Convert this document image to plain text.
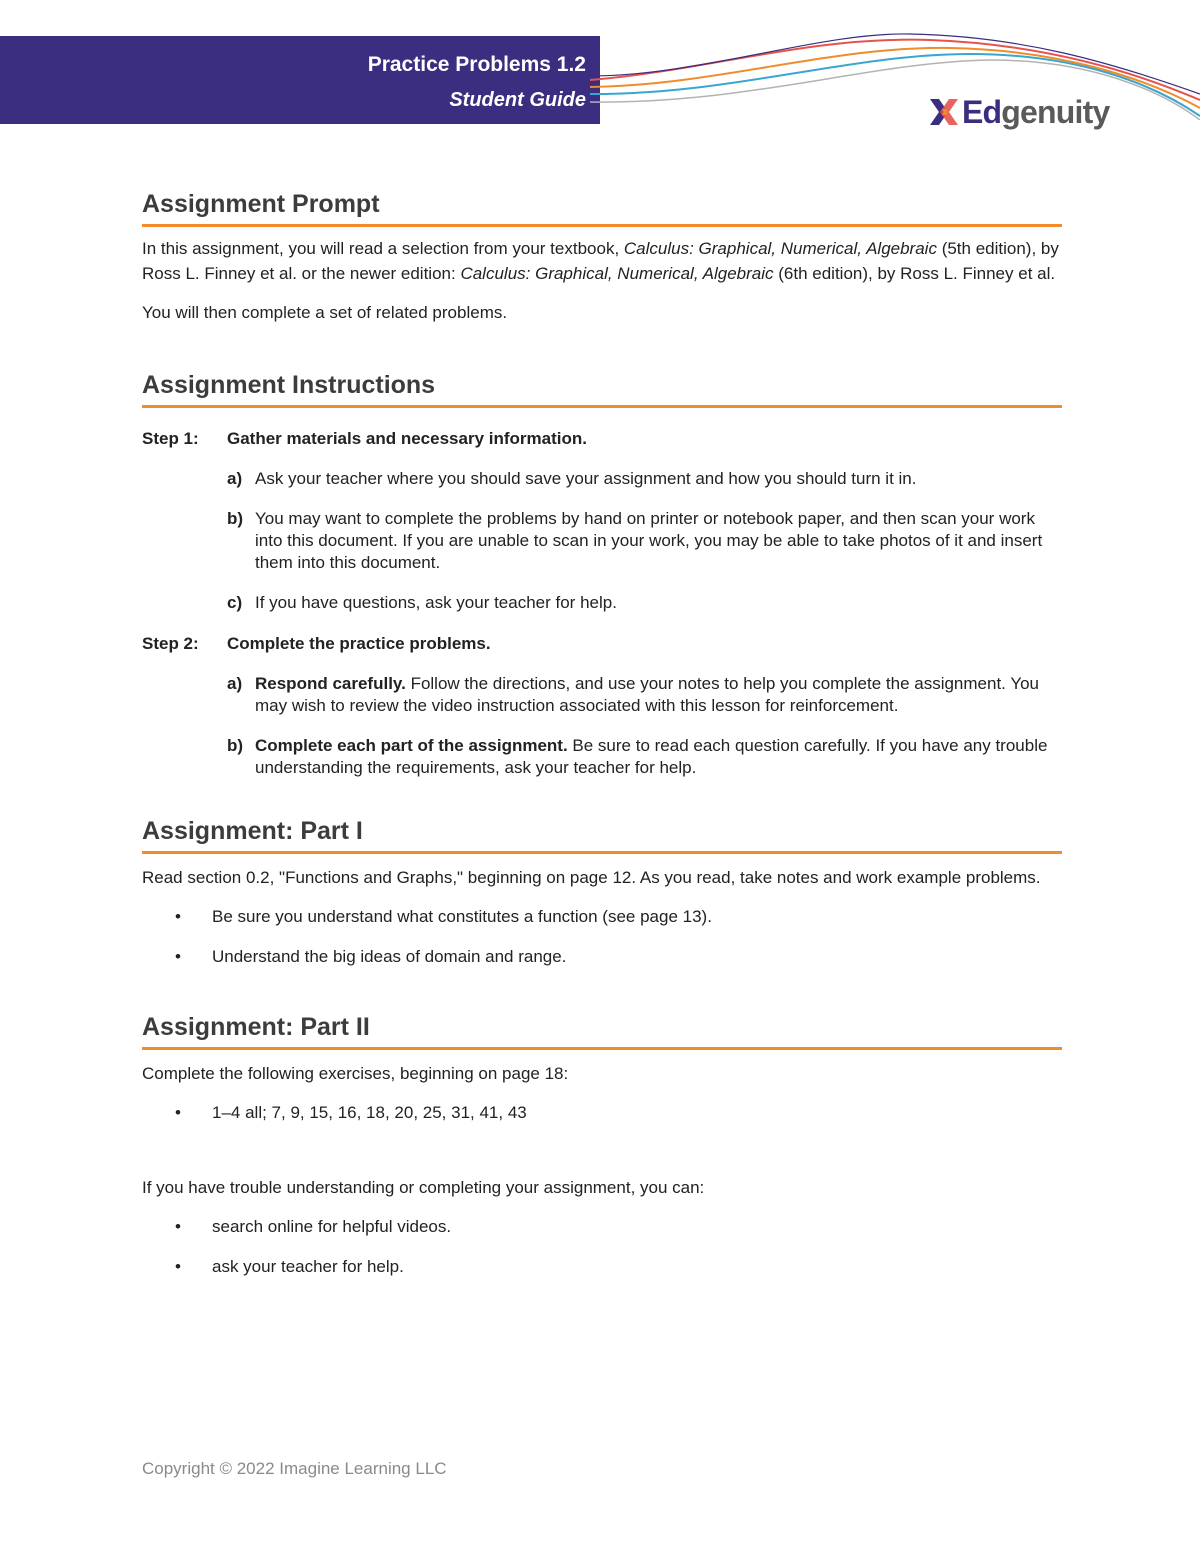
Practice Problems 1.2
Student Guide	Edgenuity
Assignment Prompt

In this assignment, you will read a selection from your textbook, Calculus: Graphical, Numerical, Algebraic (5th edition), by Ross L. Finney et al. or the newer edition: Calculus: Graphical, Numerical, Algebraic (6th edition), by Ross L. Finney et al.

You will then complete a set of related problems.

Assignment Instructions
Step 1:	Gather materials and necessary information.
a) Ask your teacher where you should save your assignment and how you should turn it in.
b) You may want to complete the problems by hand on printer or notebook paper, and then scan your work into this document. If you are unable to scan in your work, you may be able to take photos of it and insert them into this document.
c) If you have questions, ask your teacher for help.
Step 2:	Complete the practice problems.
a) Respond carefully. Follow the directions, and use your notes to help you complete the assignment. You may wish to review the video instruction associated with this lesson for reinforcement.
b) Complete each part of the assignment. Be sure to read each question carefully. If you have any trouble understanding the requirements, ask your teacher for help.
Assignment: Part I

Read section 0.2, "Functions and Graphs," beginning on page 12. As you read, take notes and work example problems.

•	Be sure you understand what constitutes a function (see page 13).
•	Understand the big ideas of domain and range.
Assignment: Part II

Complete the following exercises, beginning on page 18:

•	1–4 all; 7, 9, 15, 16, 18, 20, 25, 31, 41, 43

If you have trouble understanding or completing your assignment, you can:

•	search online for helpful videos.
•	ask your teacher for help.
Copyright © 2022 Imagine Learning LLC
